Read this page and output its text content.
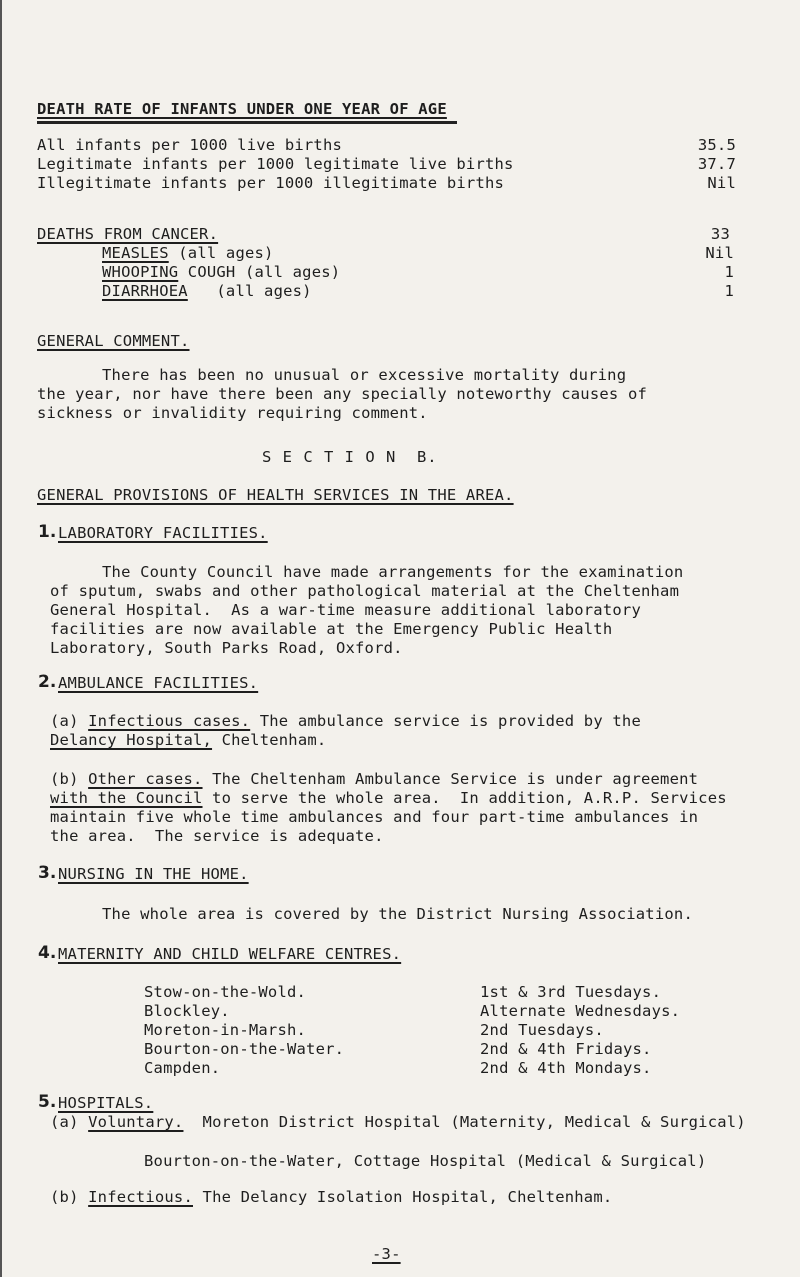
DEATH RATE OF INFANTS UNDER ONE YEAR OF AGE
All infants per 1000 live births	35.5
Legitimate infants per 1000 legitimate live births	37.7
Illegitimate infants per 1000 illegitimate births	Nil
DEATHS FROM CANCER.	33
MEASLES (all ages)	Nil
WHOOPING COUGH (all ages)	1
DIARRHOEA   (all ages)	1
GENERAL COMMENT.
There has been no unusual or excessive mortality during
the year, nor have there been any specially noteworthy causes of
sickness or invalidity requiring comment.
S E C T I O N  B.
GENERAL PROVISIONS OF HEALTH SERVICES IN THE AREA.
1. LABORATORY FACILITIES.
The County Council have made arrangements for the examination
of sputum, swabs and other pathological material at the Cheltenham
General Hospital.  As a war-time measure additional laboratory
facilities are now available at the Emergency Public Health
Laboratory, South Parks Road, Oxford.
2. AMBULANCE FACILITIES.
(a) Infectious cases. The ambulance service is provided by the
Delancy Hospital, Cheltenham.
(b) Other cases. The Cheltenham Ambulance Service is under agreement
with the Council to serve the whole area.  In addition, A.R.P. Services
maintain five whole time ambulances and four part-time ambulances in
the area.  The service is adequate.
3. NURSING IN THE HOME.
The whole area is covered by the District Nursing Association.
4. MATERNITY AND CHILD WELFARE CENTRES.
Stow-on-the-Wold.	1st & 3rd Tuesdays.
Blockley.	Alternate Wednesdays.
Moreton-in-Marsh.	2nd Tuesdays.
Bourton-on-the-Water.	2nd & 4th Fridays.
Campden.	2nd & 4th Mondays.
5. HOSPITALS.
(a) Voluntary.  Moreton District Hospital (Maternity, Medical & Surgical)
Bourton-on-the-Water, Cottage Hospital (Medical & Surgical)
(b) Infectious. The Delancy Isolation Hospital, Cheltenham.
-3-
